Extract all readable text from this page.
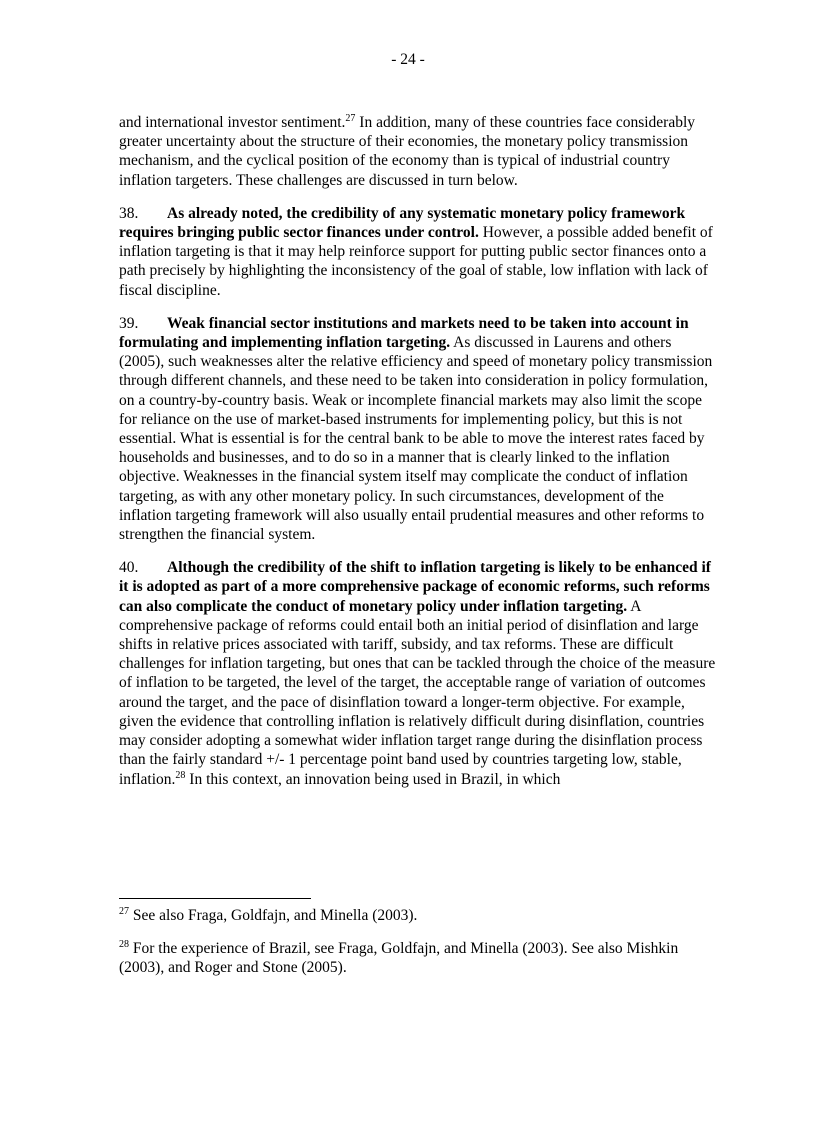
- 24 -

and international investor sentiment.$^{27}$ In addition, many of these countries face considerably greater uncertainty about the structure of their economies, the monetary policy transmission mechanism, and the cyclical position of the economy than is typical of industrial country inflation targeters. These challenges are discussed in turn below.

38. As already noted, the credibility of any systematic monetary policy framework requires bringing public sector finances under control. However, a possible added benefit of inflation targeting is that it may help reinforce support for putting public sector finances onto a path precisely by highlighting the inconsistency of the goal of stable, low inflation with lack of fiscal discipline.

39. Weak financial sector institutions and markets need to be taken into account in formulating and implementing inflation targeting. As discussed in Laurens and others (2005), such weaknesses alter the relative efficiency and speed of monetary policy transmission through different channels, and these need to be taken into consideration in policy formulation, on a country-by-country basis. Weak or incomplete financial markets may also limit the scope for reliance on the use of market-based instruments for implementing policy, but this is not essential. What is essential is for the central bank to be able to move the interest rates faced by households and businesses, and to do so in a manner that is clearly linked to the inflation objective. Weaknesses in the financial system itself may complicate the conduct of inflation targeting, as with any other monetary policy. In such circumstances, development of the inflation targeting framework will also usually entail prudential measures and other reforms to strengthen the financial system.

40. Although the credibility of the shift to inflation targeting is likely to be enhanced if it is adopted as part of a more comprehensive package of economic reforms, such reforms can also complicate the conduct of monetary policy under inflation targeting. A comprehensive package of reforms could entail both an initial period of disinflation and large shifts in relative prices associated with tariff, subsidy, and tax reforms. These are difficult challenges for inflation targeting, but ones that can be tackled through the choice of the measure of inflation to be targeted, the level of the target, the acceptable range of variation of outcomes around the target, and the pace of disinflation toward a longer-term objective. For example, given the evidence that controlling inflation is relatively difficult during disinflation, countries may consider adopting a somewhat wider inflation target range during the disinflation process than the fairly standard +/- 1 percentage point band used by countries targeting low, stable, inflation.$^{28}$ In this context, an innovation being used in Brazil, in which

$^{27}$ See also Fraga, Goldfajn, and Minella (2003).

$^{28}$ For the experience of Brazil, see Fraga, Goldfajn, and Minella (2003). See also Mishkin (2003), and Roger and Stone (2005).
